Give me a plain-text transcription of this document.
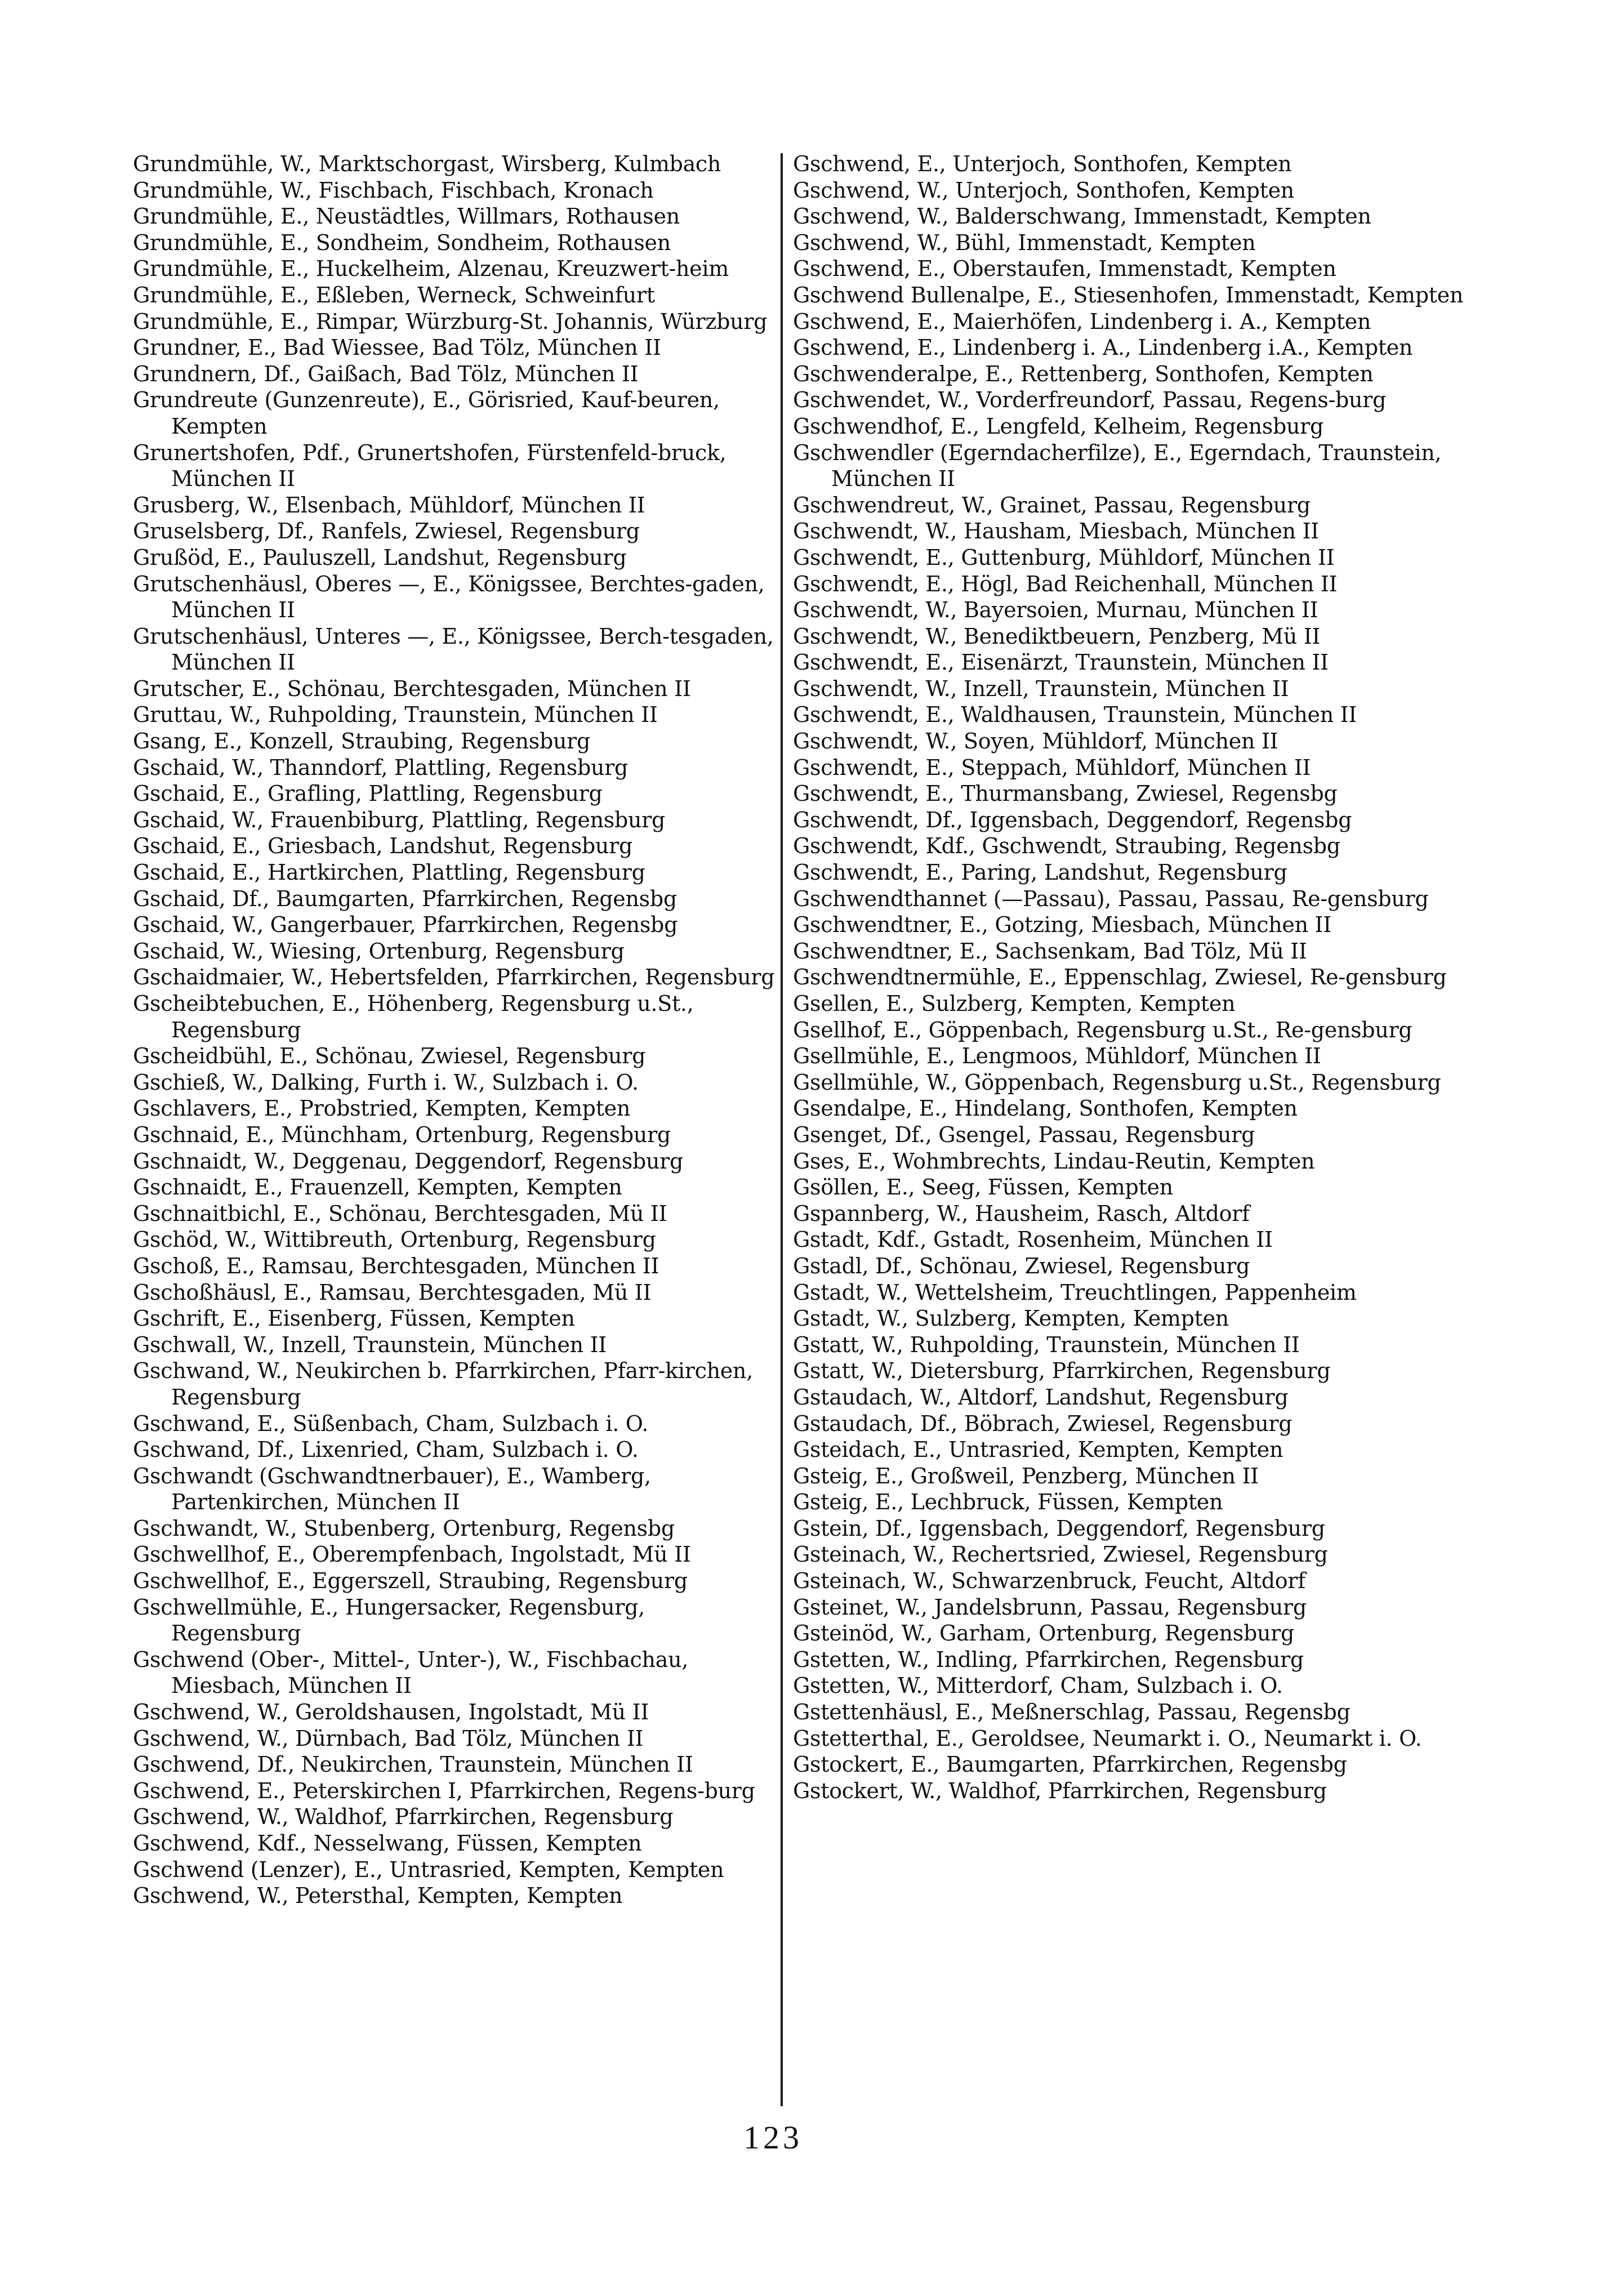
Grundmühle, W., Marktschorgast, Wirsberg, Kulmbach
Grundmühle, W., Fischbach, Fischbach, Kronach
Grundmühle, E., Neustädtles, Willmars, Rothausen
Grundmühle, E., Sondheim, Sondheim, Rothausen
Grundmühle, E., Huckelheim, Alzenau, Kreuzwert-heim
Grundmühle, E., Eßleben, Werneck, Schweinfurt
Grundmühle, E., Rimpar, Würzburg-St. Johannis, Würzburg
Grundner, E., Bad Wiessee, Bad Tölz, München II
Grundnern, Df., Gaißach, Bad Tölz, München II
Grundreute (Gunzenreute), E., Görisried, Kauf-beuren, Kempten
Grunertshofen, Pdf., Grunertshofen, Fürstenfeld-bruck, München II
Grusberg, W., Elsenbach, Mühldorf, München II
Gruselsberg, Df., Ranfels, Zwiesel, Regensburg
Grußöd, E., Pauluszell, Landshut, Regensburg
Grutschenhäusl, Oberes —, E., Königssee, Berchtes-gaden, München II
Grutschenhäusl, Unteres —, E., Königssee, Berch-tesgaden, München II
Grutscher, E., Schönau, Berchtesgaden, München II
Gruttau, W., Ruhpolding, Traunstein, München II
Gsang, E., Konzell, Straubing, Regensburg
Gschaid, W., Thanndorf, Plattling, Regensburg
Gschaid, E., Grafling, Plattling, Regensburg
Gschaid, W., Frauenbiburg, Plattling, Regensburg
Gschaid, E., Griesbach, Landshut, Regensburg
Gschaid, E., Hartkirchen, Plattling, Regensburg
Gschaid, Df., Baumgarten, Pfarrkirchen, Regensbg
Gschaid, W., Gangerbauer, Pfarrkirchen, Regensbg
Gschaid, W., Wiesing, Ortenburg, Regensburg
Gschaidmaier, W., Hebertsfelden, Pfarrkirchen, Regensburg
Gscheibtebuchen, E., Höhenberg, Regensburg u.St., Regensburg
Gscheidbühl, E., Schönau, Zwiesel, Regensburg
Gschieß, W., Dalking, Furth i. W., Sulzbach i. O.
Gschlavers, E., Probstried, Kempten, Kempten
Gschnaid, E., Münchham, Ortenburg, Regensburg
Gschnaidt, W., Deggenau, Deggendorf, Regensburg
Gschnaidt, E., Frauenzell, Kempten, Kempten
Gschnaitbichl, E., Schönau, Berchtesgaden, Mü II
Gschöd, W., Wittibreuth, Ortenburg, Regensburg
Gschoß, E., Ramsau, Berchtesgaden, München II
Gschoßhäusl, E., Ramsau, Berchtesgaden, Mü II
Gschrift, E., Eisenberg, Füssen, Kempten
Gschwall, W., Inzell, Traunstein, München II
Gschwand, W., Neukirchen b. Pfarrkirchen, Pfarr-kirchen, Regensburg
Gschwand, E., Süßenbach, Cham, Sulzbach i. O.
Gschwand, Df., Lixenried, Cham, Sulzbach i. O.
Gschwandt (Gschwandtnerbauer), E., Wamberg, Partenkirchen, München II
Gschwandt, W., Stubenberg, Ortenburg, Regensbg
Gschwellhof, E., Oberempfenbach, Ingolstadt, Mü II
Gschwellhof, E., Eggerszell, Straubing, Regensburg
Gschwellmühle, E., Hungersacker, Regensburg, Regensburg
Gschwend (Ober-, Mittel-, Unter-), W., Fischbachau, Miesbach, München II
Gschwend, W., Geroldshausen, Ingolstadt, Mü II
Gschwend, W., Dürnbach, Bad Tölz, München II
Gschwend, Df., Neukirchen, Traunstein, München II
Gschwend, E., Peterskirchen I, Pfarrkirchen, Regens-burg
Gschwend, W., Waldhof, Pfarrkirchen, Regensburg
Gschwend, Kdf., Nesselwang, Füssen, Kempten
Gschwend (Lenzer), E., Untrasried, Kempten, Kempten
Gschwend, W., Petersthal, Kempten, Kempten
Gschwend, E., Unterjoch, Sonthofen, Kempten
Gschwend, W., Unterjoch, Sonthofen, Kempten
Gschwend, W., Balderschwang, Immenstadt, Kempten
Gschwend, W., Bühl, Immenstadt, Kempten
Gschwend, E., Oberstaufen, Immenstadt, Kempten
Gschwend Bullenalpe, E., Stiesenhofen, Immenstadt, Kempten
Gschwend, E., Maierhöfen, Lindenberg i. A., Kempten
Gschwend, E., Lindenberg i. A., Lindenberg i.A., Kempten
Gschwenderalpe, E., Rettenberg, Sonthofen, Kempten
Gschwendet, W., Vorderfreundorf, Passau, Regens-burg
Gschwendhof, E., Lengfeld, Kelheim, Regensburg
Gschwendler (Egerndacherfilze), E., Egerndach, Traunstein, München II
Gschwendreut, W., Grainet, Passau, Regensburg
Gschwendt, W., Hausham, Miesbach, München II
Gschwendt, E., Guttenburg, Mühldorf, München II
Gschwendt, E., Högl, Bad Reichenhall, München II
Gschwendt, W., Bayersoien, Murnau, München II
Gschwendt, W., Benediktbeuern, Penzberg, Mü II
Gschwendt, E., Eisenärzt, Traunstein, München II
Gschwendt, W., Inzell, Traunstein, München II
Gschwendt, E., Waldhausen, Traunstein, München II
Gschwendt, W., Soyen, Mühldorf, München II
Gschwendt, E., Steppach, Mühldorf, München II
Gschwendt, E., Thurmansbang, Zwiesel, Regensbg
Gschwendt, Df., Iggensbach, Deggendorf, Regensbg
Gschwendt, Kdf., Gschwendt, Straubing, Regensbg
Gschwendt, E., Paring, Landshut, Regensburg
Gschwendthannet (—Passau), Passau, Passau, Re-gensburg
Gschwendtner, E., Gotzing, Miesbach, München II
Gschwendtner, E., Sachsenkam, Bad Tölz, Mü II
Gschwendtnermühle, E., Eppenschlag, Zwiesel, Re-gensburg
Gsellen, E., Sulzberg, Kempten, Kempten
Gsellhof, E., Göppenbach, Regensburg u.St., Re-gensburg
Gsellmühle, E., Lengmoos, Mühldorf, München II
Gsellmühle, W., Göppenbach, Regensburg u.St., Regensburg
Gsendalpe, E., Hindelang, Sonthofen, Kempten
Gsenget, Df., Gsengel, Passau, Regensburg
Gses, E., Wohmbrechts, Lindau-Reutin, Kempten
Gsöllen, E., Seeg, Füssen, Kempten
Gspannberg, W., Hausheim, Rasch, Altdorf
Gstadt, Kdf., Gstadt, Rosenheim, München II
Gstadl, Df., Schönau, Zwiesel, Regensburg
Gstadt, W., Wettelsheim, Treuchtlingen, Pappenheim
Gstadt, W., Sulzberg, Kempten, Kempten
Gstatt, W., Ruhpolding, Traunstein, München II
Gstatt, W., Dietersburg, Pfarrkirchen, Regensburg
Gstaudach, W., Altdorf, Landshut, Regensburg
Gstaudach, Df., Böbrach, Zwiesel, Regensburg
Gsteidach, E., Untrasried, Kempten, Kempten
Gsteig, E., Großweil, Penzberg, München II
Gsteig, E., Lechbruck, Füssen, Kempten
Gstein, Df., Iggensbach, Deggendorf, Regensburg
Gsteinach, W., Rechertsried, Zwiesel, Regensburg
Gsteinach, W., Schwarzenbruck, Feucht, Altdorf
Gsteinet, W., Jandelsbrunn, Passau, Regensburg
Gsteinöd, W., Garham, Ortenburg, Regensburg
Gstetten, W., Indling, Pfarrkirchen, Regensburg
Gstetten, W., Mitterdorf, Cham, Sulzbach i. O.
Gstettenhäusl, E., Meßnerschlag, Passau, Regensbg
Gstetterthal, E., Geroldsee, Neumarkt i. O., Neumarkt i. O.
Gstockert, E., Baumgarten, Pfarrkirchen, Regensbg
Gstockert, W., Waldhof, Pfarrkirchen, Regensburg
123
